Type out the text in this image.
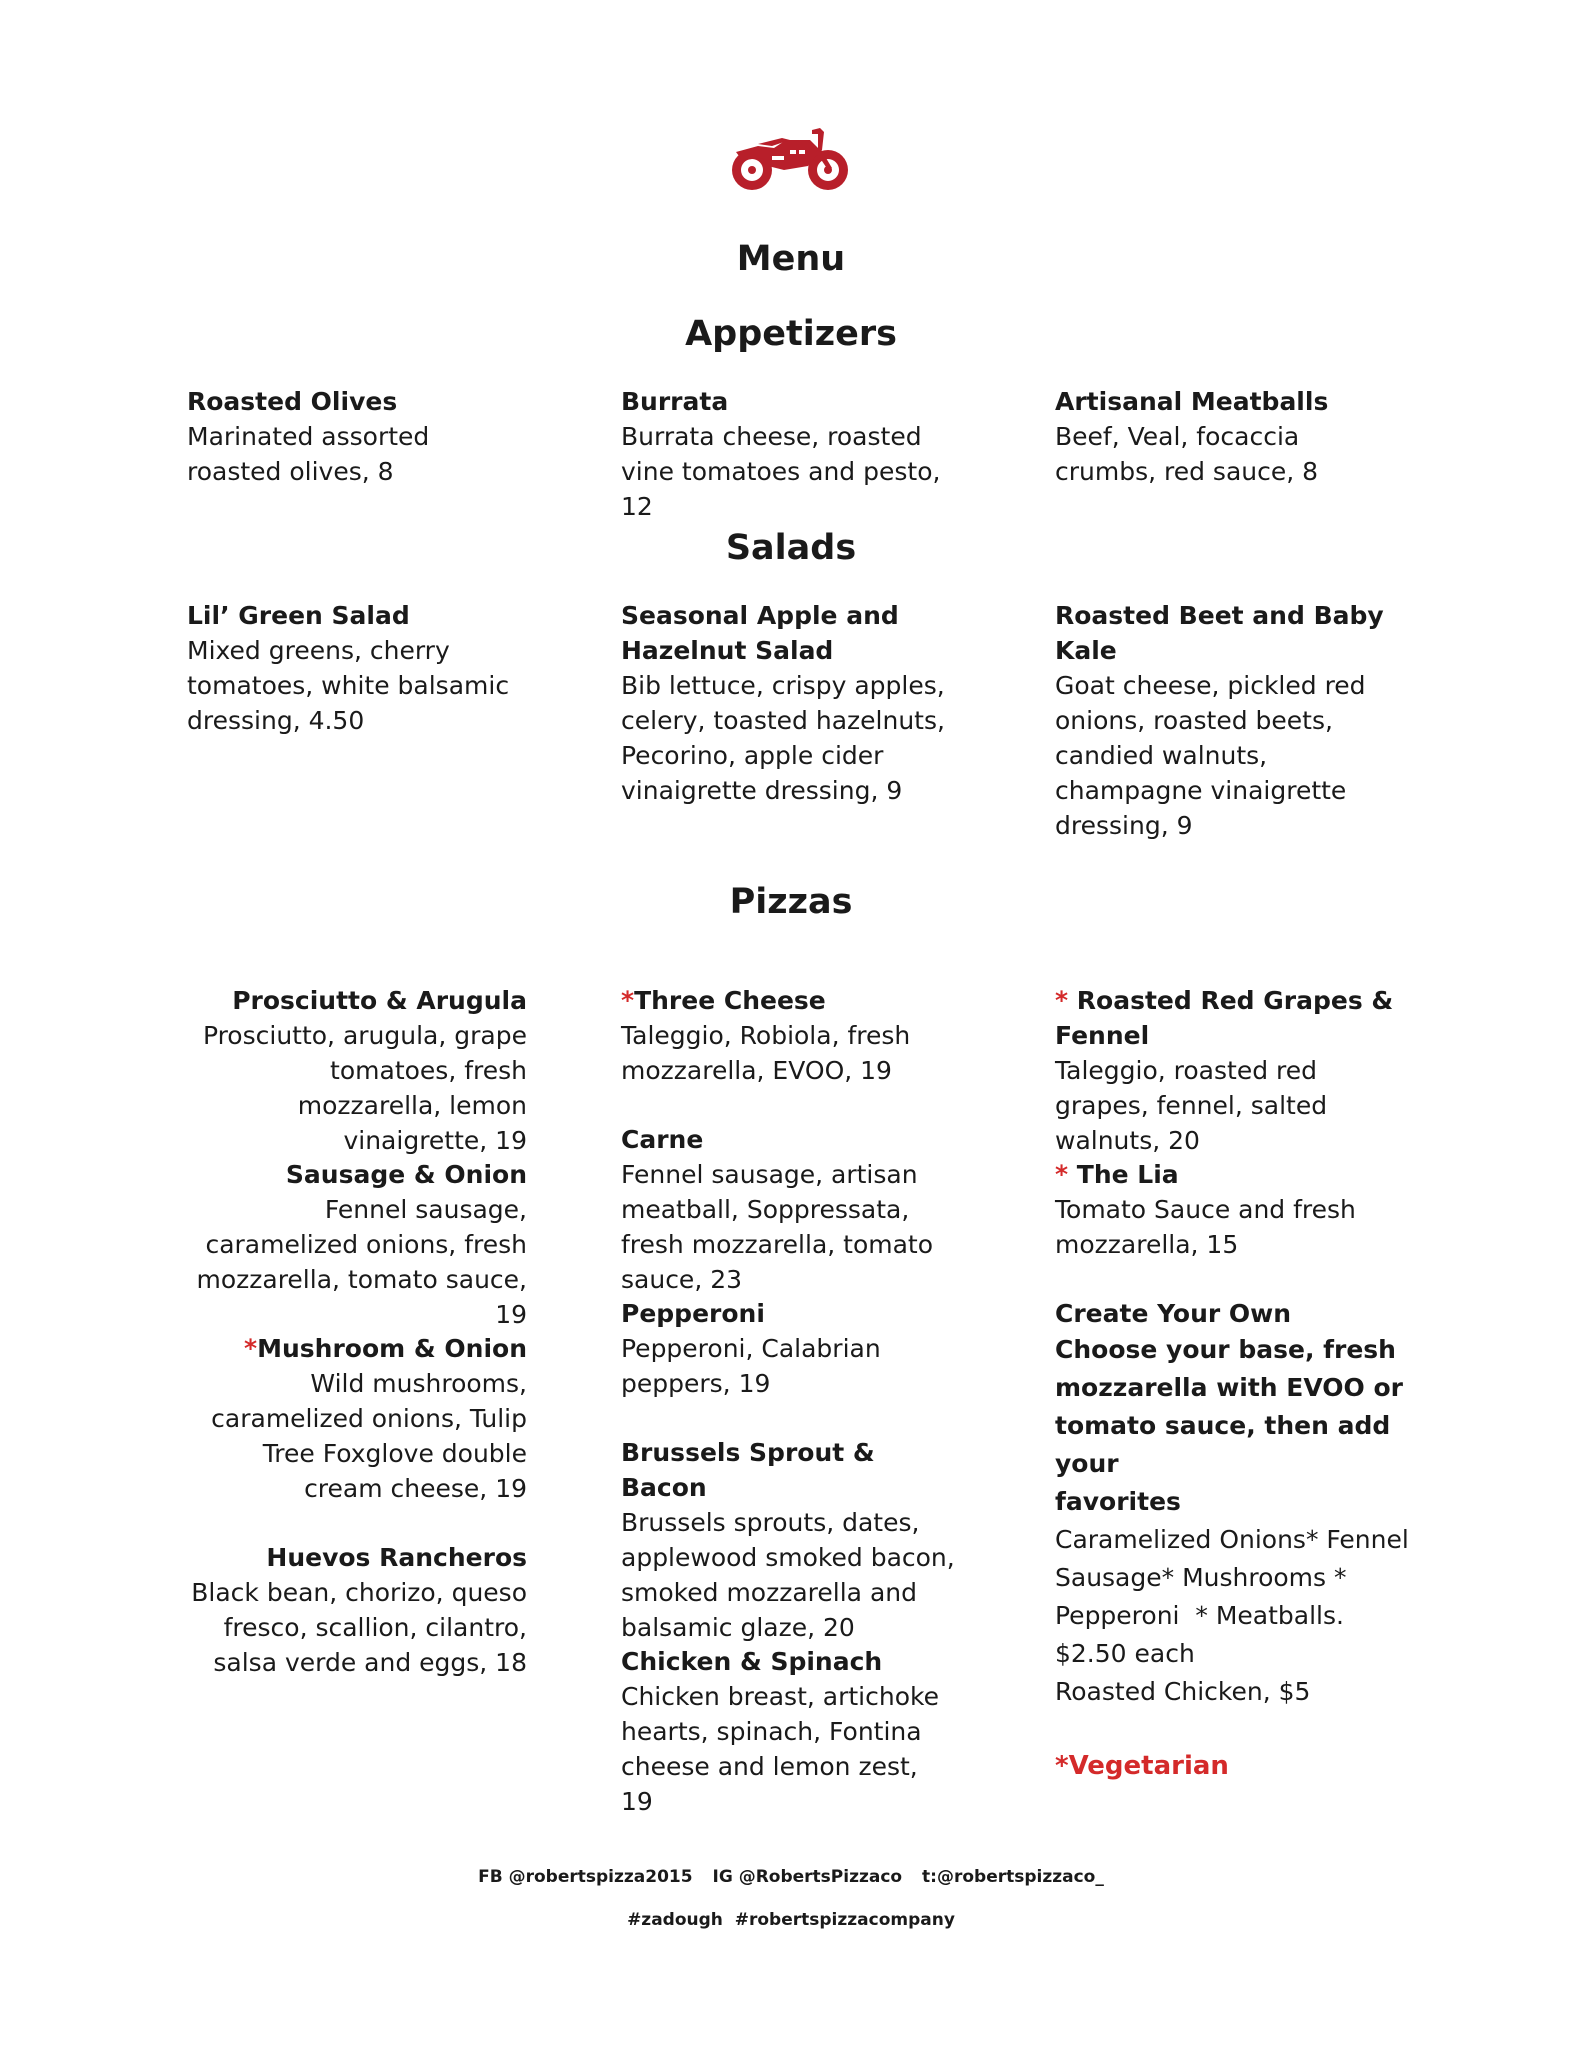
Menu
Appetizers
Roasted Olives
Marinated assorted roasted olives, 8
Burrata
Burrata cheese, roasted vine tomatoes and pesto, 12
Artisanal Meatballs
Beef, Veal, focaccia crumbs, red sauce, 8
Salads
Lil’ Green Salad
Mixed greens, cherry tomatoes, white balsamic dressing, 4.50
Seasonal Apple and Hazelnut Salad
Bib lettuce, crispy apples, celery, toasted hazelnuts, Pecorino, apple cider vinaigrette dressing, 9
Roasted Beet and Baby Kale
Goat cheese, pickled red onions, roasted beets, candied walnuts, champagne vinaigrette dressing, 9
Pizzas
Prosciutto & Arugula
Prosciutto, arugula, grape tomatoes, fresh mozzarella, lemon vinaigrette, 19
Sausage & Onion
Fennel sausage, caramelized onions, fresh mozzarella, tomato sauce, 19
*Mushroom & Onion
Wild mushrooms, caramelized onions, Tulip Tree Foxglove double cream cheese, 19
Huevos Rancheros
Black bean, chorizo, queso fresco, scallion, cilantro, salsa verde and eggs, 18
*Three Cheese
Taleggio, Robiola, fresh mozzarella, EVOO, 19
Carne
Fennel sausage, artisan meatball, Soppressata, fresh mozzarella, tomato sauce, 23
Pepperoni
Pepperoni, Calabrian peppers, 19
Brussels Sprout & Bacon
Brussels sprouts, dates, applewood smoked bacon, smoked mozzarella and balsamic glaze, 20
Chicken & Spinach
Chicken breast, artichoke hearts, spinach, Fontina cheese and lemon zest, 19
* Roasted Red Grapes & Fennel
Taleggio, roasted red grapes, fennel, salted walnuts, 20
* The Lia
Tomato Sauce and fresh mozzarella, 15
Create Your Own
Choose your base, fresh
mozzarella with EVOO or
tomato sauce, then add your
favorites
Caramelized Onions* Fennel
Sausage* Mushrooms *
Pepperoni  * Meatballs.
$2.50 each
Roasted Chicken, $5
*Vegetarian
FB @robertspizza2015 IG @RobertsPizzaco t:@robertspizzaco_
#zadough  #robertspizzacompany
